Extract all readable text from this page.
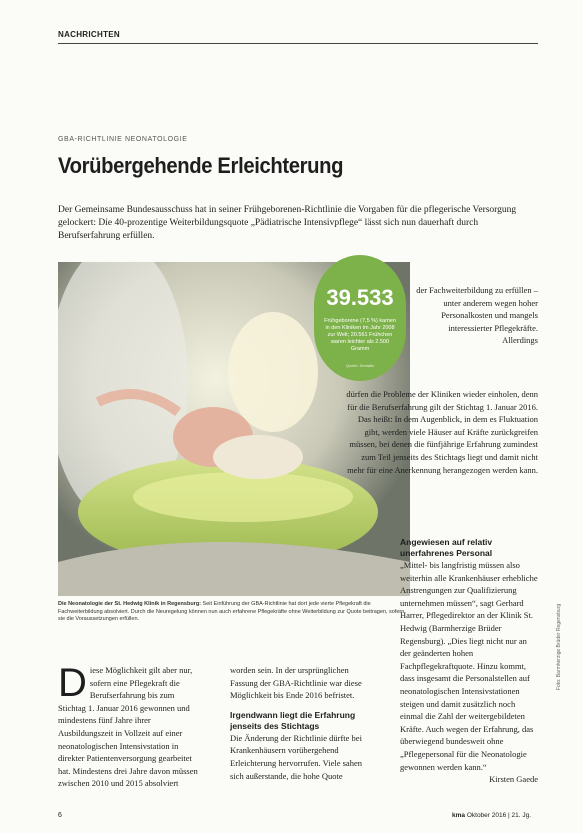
NACHRICHTEN
GBA-RICHTLINIE NEONATOLOGIE
Vorübergehende Erleichterung
Der Gemeinsame Bundesausschuss hat in seiner Frühgeborenen-Richtlinie die Vorgaben für die pflegerische Versorgung gelockert: Die 40-prozentige Weiterbildungsquote „Pädiatrische Intensivpflege“ lässt sich nun dauerhaft durch Berufserfahrung erfüllen.
39.533
Frühgeborene (7,5 %) kamen in den Kliniken im Jahr 2008 zur Welt; 20.561 Frühchen waren leichter als 2.500 Gramm
Quelle: Destatis
der Fachweiterbildung zu erfüllen – unter anderem wegen hoher Personalkosten und mangels interessierter Pflegekräfte. Allerdings
dürfen die Probleme der Kliniken wieder einholen, denn für die Berufserfahrung gilt der Stichtag 1. Januar 2016. Das heißt: In dem Augenblick, in dem es Fluktuation gibt, werden viele Häuser auf Kräfte zurückgreifen müssen, bei denen die fünfjährige Erfahrung zumindest zum Teil jenseits des Stichtags liegt und damit nicht mehr für eine Anerkennung herangezogen werden kann.
Die Neonatologie der St. Hedwig Klinik in Regensburg: Seit Einführung der GBA-Richtlinie hat dort jede vierte Pflegekraft die Fachweiterbildung absolviert. Durch die Neuregelung können nun auch erfahrene Pflegekräfte ohne Weiterbildung zur Quote beitragen, sofern sie die Voraussetzungen erfüllen.
D iese Möglichkeit gilt aber nur, sofern eine Pflegekraft die Berufserfahrung bis zum Stichtag 1. Januar 2016 gewonnen und mindestens fünf Jahre ihrer Ausbildungszeit in Vollzeit auf einer neonatologischen Intensivstation in direkter Patientenversorgung gearbeitet hat. Mindestens drei Jahre davon müssen zwischen 2010 und 2015 absolviert
worden sein. In der ursprünglichen Fassung der GBA-Richtlinie war diese Möglichkeit bis Ende 2016 befristet.
Irgendwann liegt die Erfahrung jenseits des Stichtags
Die Änderung der Richtlinie dürfte bei Krankenhäusern vorübergehend Erleichterung hervorrufen. Viele sahen sich außerstande, die hohe Quote
Angewiesen auf relativ unerfahrenes Personal
„Mittel- bis langfristig müssen also weiterhin alle Krankenhäuser erhebliche Anstrengungen zur Qualifizierung unternehmen müssen“, sagt Gerhard Harrer, Pflegedirektor an der Klinik St. Hedwig (Barmherzige Brüder Regensburg). „Dies liegt nicht nur an der geänderten hohen Fachpflegekraftquote. Hinzu kommt, dass insgesamt die Personalstellen auf neonatologischen Intensivstationen steigen und damit zusätzlich noch einmal die Zahl der weitergebildeten Kräfte. Auch wegen der Erfahrung, das überwiegend bundesweit ohne „Pflegepersonal für die Neonatologie gewonnen werden kann.“
Kirsten Gaede
Foto: Barmherzige Brüder Regensburg
6	kma Oktober 2016 | 21. Jg.
